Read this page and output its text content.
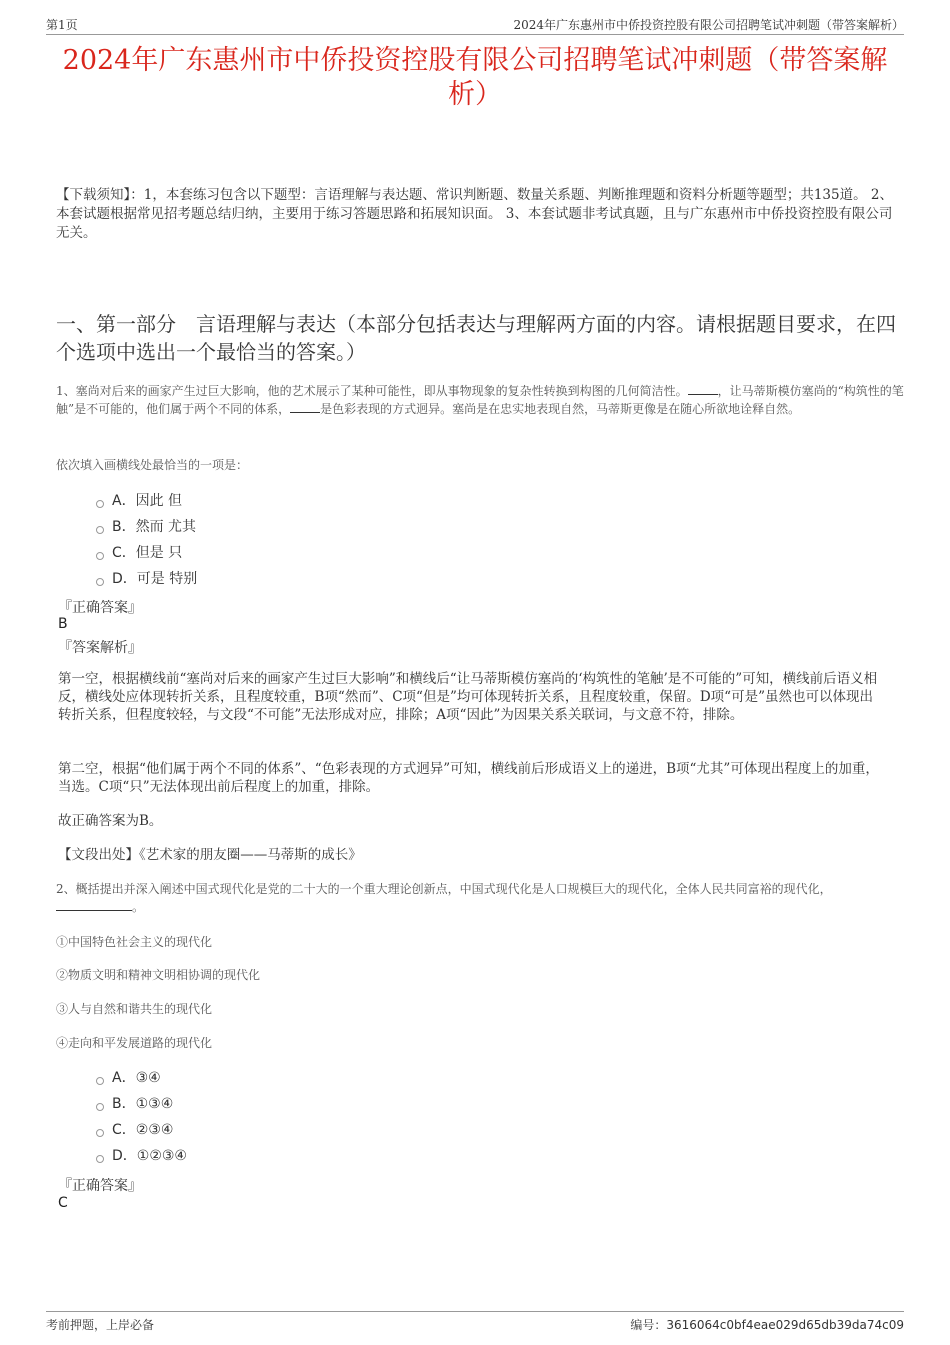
第1页	2024年广东惠州市中侨投资控股有限公司招聘笔试冲刺题（带答案解析）
2024年广东惠州市中侨投资控股有限公司招聘笔试冲刺题（带答案解析）
【下载须知】：1，本套练习包含以下题型：言语理解与表达题、常识判断题、数量关系题、判断推理题和资料分析题等题型；共135道。 2、本套试题根据常见招考题总结归纳，主要用于练习答题思路和拓展知识面。 3、本套试题非考试真题，且与广东惠州市中侨投资控股有限公司无关。
一、第一部分　言语理解与表达（本部分包括表达与理解两方面的内容。请根据题目要求，在四个选项中选出一个最恰当的答案。）
1、塞尚对后来的画家产生过巨大影响，他的艺术展示了某种可能性，即从事物现象的复杂性转换到构图的几何简洁性。	，让马蒂斯模仿塞尚的“构筑性的笔触”是不可能的，他们属于两个不同的体系，	是色彩表现的方式迥异。塞尚是在忠实地表现自然，马蒂斯更像是在随心所欲地诠释自然。
依次填入画横线处最恰当的一项是：
A．因此 但
B．然而 尤其
C．但是 只
D．可是 特别
『正确答案』
B
『答案解析』
第一空，根据横线前“塞尚对后来的画家产生过巨大影响”和横线后“让马蒂斯模仿塞尚的‘构筑性的笔触’是不可能的”可知，横线前后语义相反，横线处应体现转折关系，且程度较重，B项“然而”、C项“但是”均可体现转折关系，且程度较重，保留。D项“可是”虽然也可以体现出转折关系，但程度较轻，与文段“不可能”无法形成对应，排除；A项“因此”为因果关系关联词，与文意不符，排除。
第二空，根据“他们属于两个不同的体系”、“色彩表现的方式迥异”可知，横线前后形成语义上的递进，B项“尤其”可体现出程度上的加重，当选。C项“只”无法体现出前后程度上的加重，排除。
故正确答案为B。
【文段出处】《艺术家的朋友圈——马蒂斯的成长》
2、概括提出并深入阐述中国式现代化是党的二十大的一个重大理论创新点，中国式现代化是人口规模巨大的现代化，全体人民共同富裕的现代化，。
①中国特色社会主义的现代化
②物质文明和精神文明相协调的现代化
③人与自然和谐共生的现代化
④走向和平发展道路的现代化
A．③④
B．①③④
C．②③④
D．①②③④
『正确答案』
C
考前押题，上岸必备	编号：3616064c0bf4eae029d65db39da74c09
